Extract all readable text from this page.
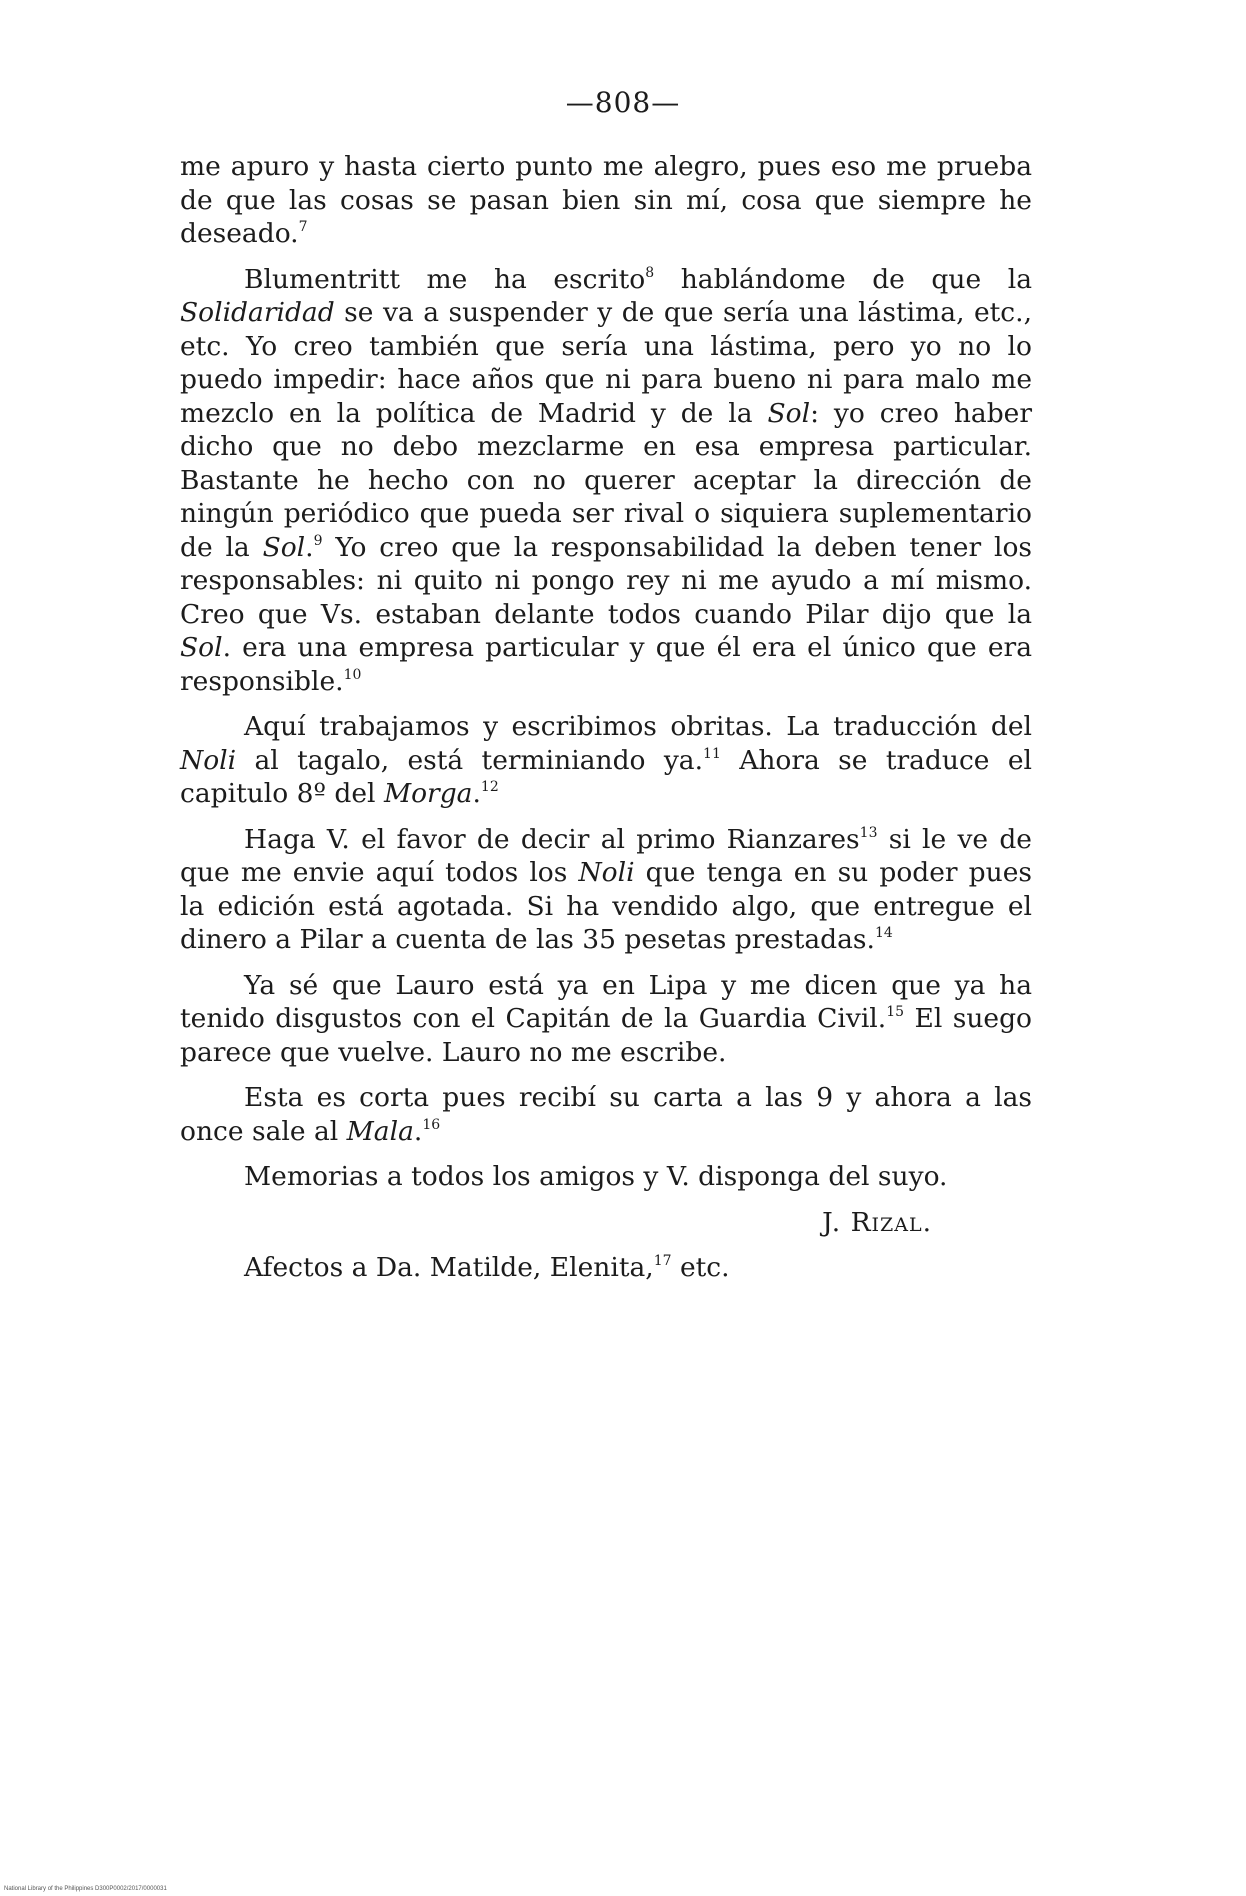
—808—

me apuro y hasta cierto punto me alegro, pues eso me prueba de que las cosas se pasan bien sin mí, cosa que siempre he deseado.$^7$

Blumentritt me ha escrito$^8$ hablándome de que la Solidaridad se va a suspender y de que sería una lástima, etc., etc. Yo creo también que sería una lástima, pero yo no lo puedo impedir: hace años que ni para bueno ni para malo me mezclo en la política de Madrid y de la Sol: yo creo haber dicho que no debo mezclarme en esa empresa particular. Bastante he hecho con no querer aceptar la dirección de ningún periódico que pueda ser rival o siquiera suplementario de la Sol.$^9$ Yo creo que la responsabilidad la deben tener los responsables: ni quito ni pongo rey ni me ayudo a mí mismo. Creo que Vs. estaban delante todos cuando Pilar dijo que la Sol. era una empresa particular y que él era el único que era responsible.$^{10}$

Aquí trabajamos y escribimos obritas. La traducción del Noli al tagalo, está terminiando ya.$^{11}$ Ahora se traduce el capitulo 8º del Morga.$^{12}$

Haga V. el favor de decir al primo Rianzares$^{13}$ si le ve de que me envie aquí todos los Noli que tenga en su poder pues la edición está agotada. Si ha vendido algo, que entregue el dinero a Pilar a cuenta de las 35 pesetas prestadas.$^{14}$

Ya sé que Lauro está ya en Lipa y me dicen que ya ha tenido disgustos con el Capitán de la Guardia Civil.$^{15}$ El suego parece que vuelve. Lauro no me escribe.

Esta es corta pues recibí su carta a las 9 y ahora a las once sale al Mala.$^{16}$

Memorias a todos los amigos y V. disponga del suyo.

J. Rizal.

Afectos a Da. Matilde, Elenita,$^{17}$ etc.

National Library of the Philippines D300P0002/2017/0000031
